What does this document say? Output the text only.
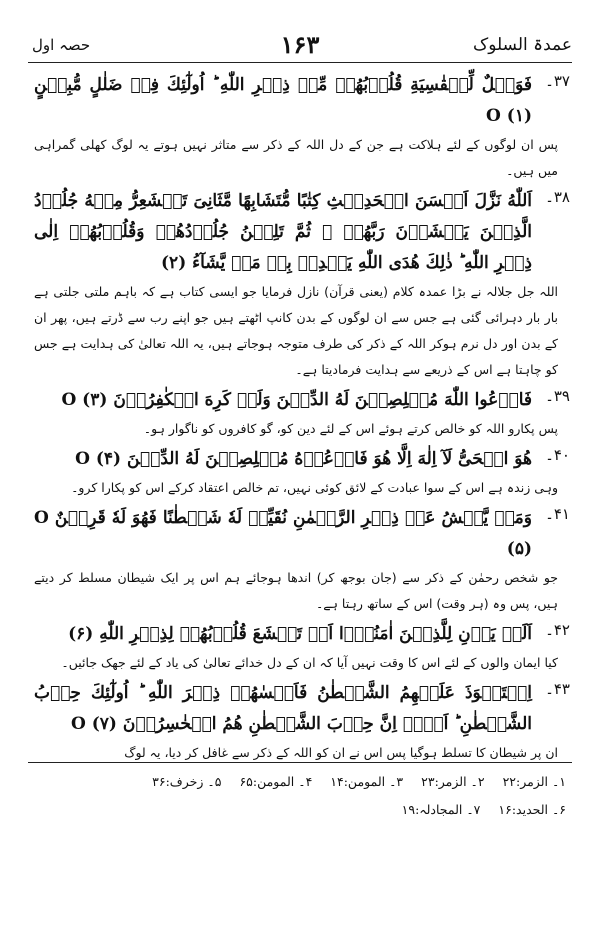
عمدۃ السلوک
۱۶۳
حصہ اول
۳۷۔
فَوَیۡلٌ لِّلۡقٰسِیَةِ قُلُوۡبُهُمۡ مِّنۡ ذِكۡرِ اللّٰهِ ؕ اُولٰٓئِكَ فِیۡ ضَلٰلٍ مُّبِیۡنٍ O (۱)
پس ان لوگوں کے لئے ہلاکت ہے جن کے دل اللہ کے ذکر سے متاثر نہیں ہوتے یہ لوگ کھلی گمراہی میں ہیں۔
۳۸۔
اَللّٰهُ نَزَّلَ اَحۡسَنَ الۡحَدِیۡثِ كِتٰبًا مُّتَشَابِهًا مَّثَانِیَ تَقۡشَعِرُّ مِنۡهُ جُلُوۡدُ الَّذِیۡنَ یَخۡشَوۡنَ رَبَّهُمۡ ۚ ثُمَّ تَلِیۡنُ جُلُوۡدُهُمۡ وَقُلُوۡبُهُمۡ اِلٰی ذِكۡرِ اللّٰهِ ؕ ذٰلِكَ هُدَی اللّٰهِ یَهۡدِیۡ بِهٖ مَنۡ یَّشَآءُ (۲)
اللہ جل جلالہ نے بڑا عمدہ کلام (یعنی قرآن) نازل فرمایا جو ایسی کتاب ہے کہ باہم ملتی جلتی ہے بار بار دہرائی گئی ہے جس سے ان لوگوں کے بدن کانپ اٹھتے ہیں جو اپنے رب سے ڈرتے ہیں، پھر ان کے بدن اور دل نرم ہوکر اللہ کے ذکر کی طرف متوجہ ہوجاتے ہیں، یہ اللہ تعالیٰ کی ہدایت ہے جس کو چاہتا ہے اس کے ذریعے سے ہدایت فرمادیتا ہے۔
۳۹۔
فَادۡعُوا اللّٰهَ مُخۡلِصِیۡنَ لَهُ الدِّیۡنَ وَلَوۡ كَرِهَ الۡكٰفِرُوۡنَ O (۳)
پس پکارو اللہ کو خالص کرتے ہوئے اس کے لئے دین کو، گو کافروں کو ناگوار ہو۔
۴۰۔
هُوَ الۡحَیُّ لَآ اِلٰهَ اِلَّا هُوَ فَادۡعُوۡهُ مُخۡلِصِیۡنَ لَهُ الدِّیۡنَ O (۴)
وہی زندہ ہے اس کے سوا عبادت کے لائق کوئی نہیں، تم خالص اعتقاد کرکے اس کو پکارا کرو۔
۴۱۔
وَمَنۡ یَّعۡشُ عَنۡ ذِكۡرِ الرَّحۡمٰنِ نُقَیِّضۡ لَهٗ شَیۡطٰنًا فَهُوَ لَهٗ قَرِیۡنٌ O (۵)
جو شخص رحمٰن کے ذکر سے (جان بوجھ کر) اندھا ہوجائے ہم اس پر ایک شیطان مسلط کر دیتے ہیں، پس وہ (ہر وقت) اس کے ساتھ رہتا ہے۔
۴۲۔
اَلَمۡ یَاۡنِ لِلَّذِیۡنَ اٰمَنُوۡۤا اَنۡ تَخۡشَعَ قُلُوۡبُهُمۡ لِذِكۡرِ اللّٰهِ (۶)
کیا ایمان والوں کے لئے اس کا وقت نہیں آیا کہ ان کے دل خدائے تعالیٰ کی یاد کے لئے جھک جائیں۔
۴۳۔
اِسۡتَحۡوَذَ عَلَیۡهِمُ الشَّیۡطٰنُ فَاَنۡسٰهُمۡ ذِكۡرَ اللّٰهِ ؕ اُولٰٓئِكَ حِزۡبُ الشَّیۡطٰنِ ؕ اَلَاۤ اِنَّ حِزۡبَ الشَّیۡطٰنِ هُمُ الۡخٰسِرُوۡنَ O (۷)
ان پر شیطان کا تسلط ہوگیا پس اس نے ان کو اللہ کے ذکر سے غافل کر دیا، یہ لوگ
۱۔ الزمر:۲۲
۲۔ الزمر:۲۳
۳۔ المومن:۱۴
۴۔ المومن:۶۵
۵۔ زخرف:۳۶
۶۔ الحدید:۱۶
۷۔ المجادلہ:۱۹
